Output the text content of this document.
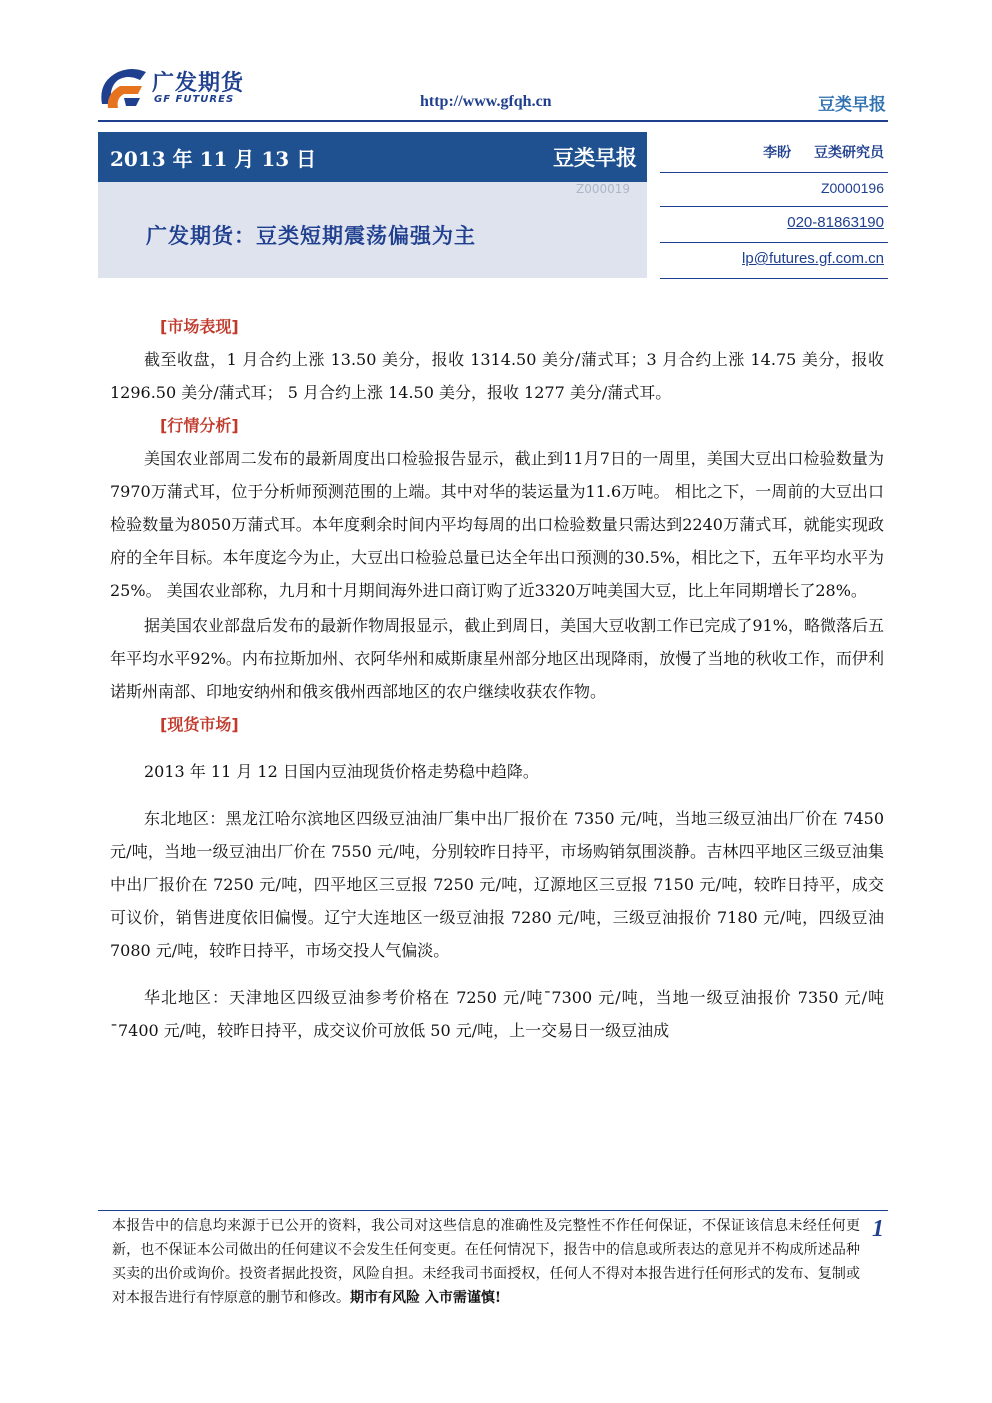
广发期货
GF FUTURES	http://www.gfqh.cn	豆类早报
2013 年 11 月 13 日	豆类早报
广发期货：豆类短期震荡偏强为主
Z000019
李盼 豆类研究员
Z0000196
020-81863190
lp@futures.gf.com.cn
[市场表现]

截至收盘，1 月合约上涨 13.50 美分，报收 1314.50 美分/蒲式耳；3 月合约上涨 14.75 美分，报收 1296.50 美分/蒲式耳； 5 月合约上涨 14.50 美分，报收 1277 美分/蒲式耳。

[行情分析]

美国农业部周二发布的最新周度出口检验报告显示，截止到11月7日的一周里，美国大豆出口检验数量为7970万蒲式耳，位于分析师预测范围的上端。其中对华的装运量为11.6万吨。 相比之下，一周前的大豆出口检验数量为8050万蒲式耳。本年度剩余时间内平均每周的出口检验数量只需达到2240万蒲式耳，就能实现政府的全年目标。本年度迄今为止，大豆出口检验总量已达全年出口预测的30.5%，相比之下，五年平均水平为25%。 美国农业部称，九月和十月期间海外进口商订购了近3320万吨美国大豆，比上年同期增长了28%。

据美国农业部盘后发布的最新作物周报显示，截止到周日，美国大豆收割工作已完成了91%，略微落后五年平均水平92%。内布拉斯加州、衣阿华州和威斯康星州部分地区出现降雨，放慢了当地的秋收工作，而伊利诺斯州南部、印地安纳州和俄亥俄州西部地区的农户继续收获农作物。

[现货市场]

2013 年 11 月 12 日国内豆油现货价格走势稳中趋降。

东北地区：黑龙江哈尔滨地区四级豆油油厂集中出厂报价在 7350 元/吨，当地三级豆油出厂价在 7450 元/吨，当地一级豆油出厂价在 7550 元/吨，分别较昨日持平，市场购销氛围淡静。吉林四平地区三级豆油集中出厂报价在 7250 元/吨，四平地区三豆报 7250 元/吨，辽源地区三豆报 7150 元/吨，较昨日持平，成交可议价，销售进度依旧偏慢。辽宁大连地区一级豆油报 7280 元/吨，三级豆油报价 7180 元/吨，四级豆油 7080 元/吨，较昨日持平，市场交投人气偏淡。

华北地区：天津地区四级豆油参考价格在 7250 元/吨¯7300 元/吨，当地一级豆油报价 7350 元/吨¯7400 元/吨，较昨日持平，成交议价可放低 50 元/吨，上一交易日一级豆油成

本报告中的信息均来源于已公开的资料，我公司对这些信息的准确性及完整性不作任何保证，不保证该信息未经任何更新，也不保证本公司做出的任何建议不会发生任何变更。在任何情况下，报告中的信息或所表达的意见并不构成所述品种买卖的出价或询价。投资者据此投资，风险自担。未经我司书面授权，任何人不得对本报告进行任何形式的发布、复制或对本报告进行有悖原意的删节和修改。期市有风险 入市需谨慎!
1
